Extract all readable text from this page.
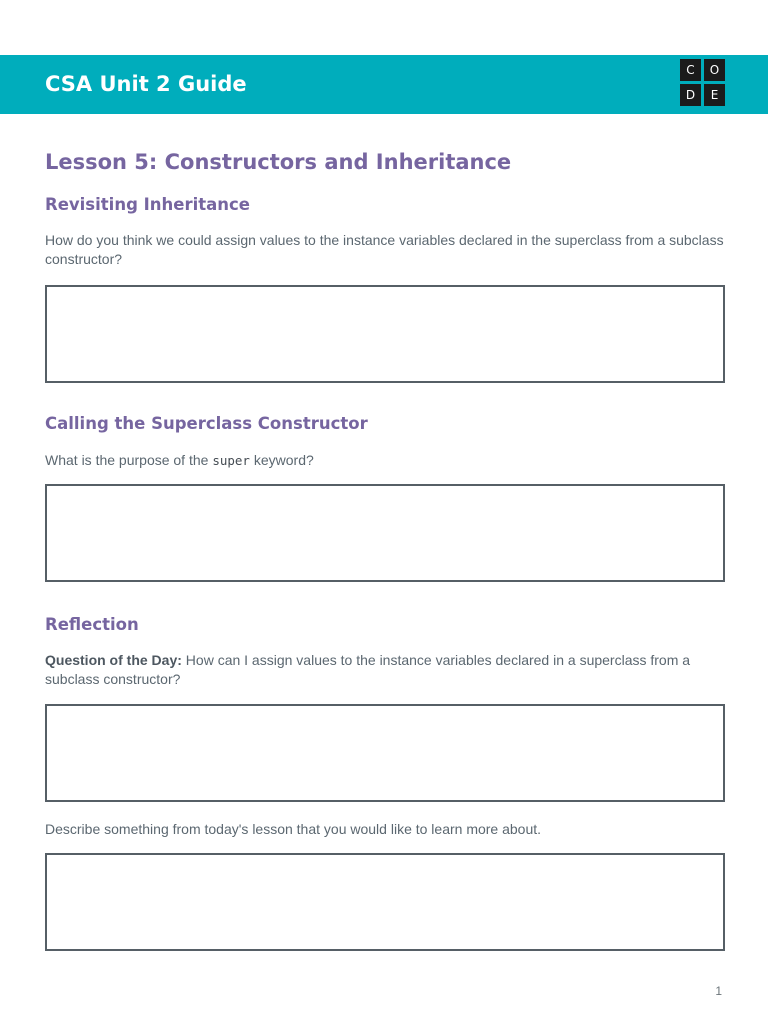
CSA Unit 2 Guide
C	O
D	E
Lesson 5: Constructors and Inheritance
Revisiting Inheritance
How do you think we could assign values to the instance variables declared in the superclass from a subclass constructor?
Calling the Superclass Constructor
What is the purpose of the super keyword?
Reflection
Question of the Day: How can I assign values to the instance variables declared in a superclass from a subclass constructor?
Describe something from today's lesson that you would like to learn more about.
1
